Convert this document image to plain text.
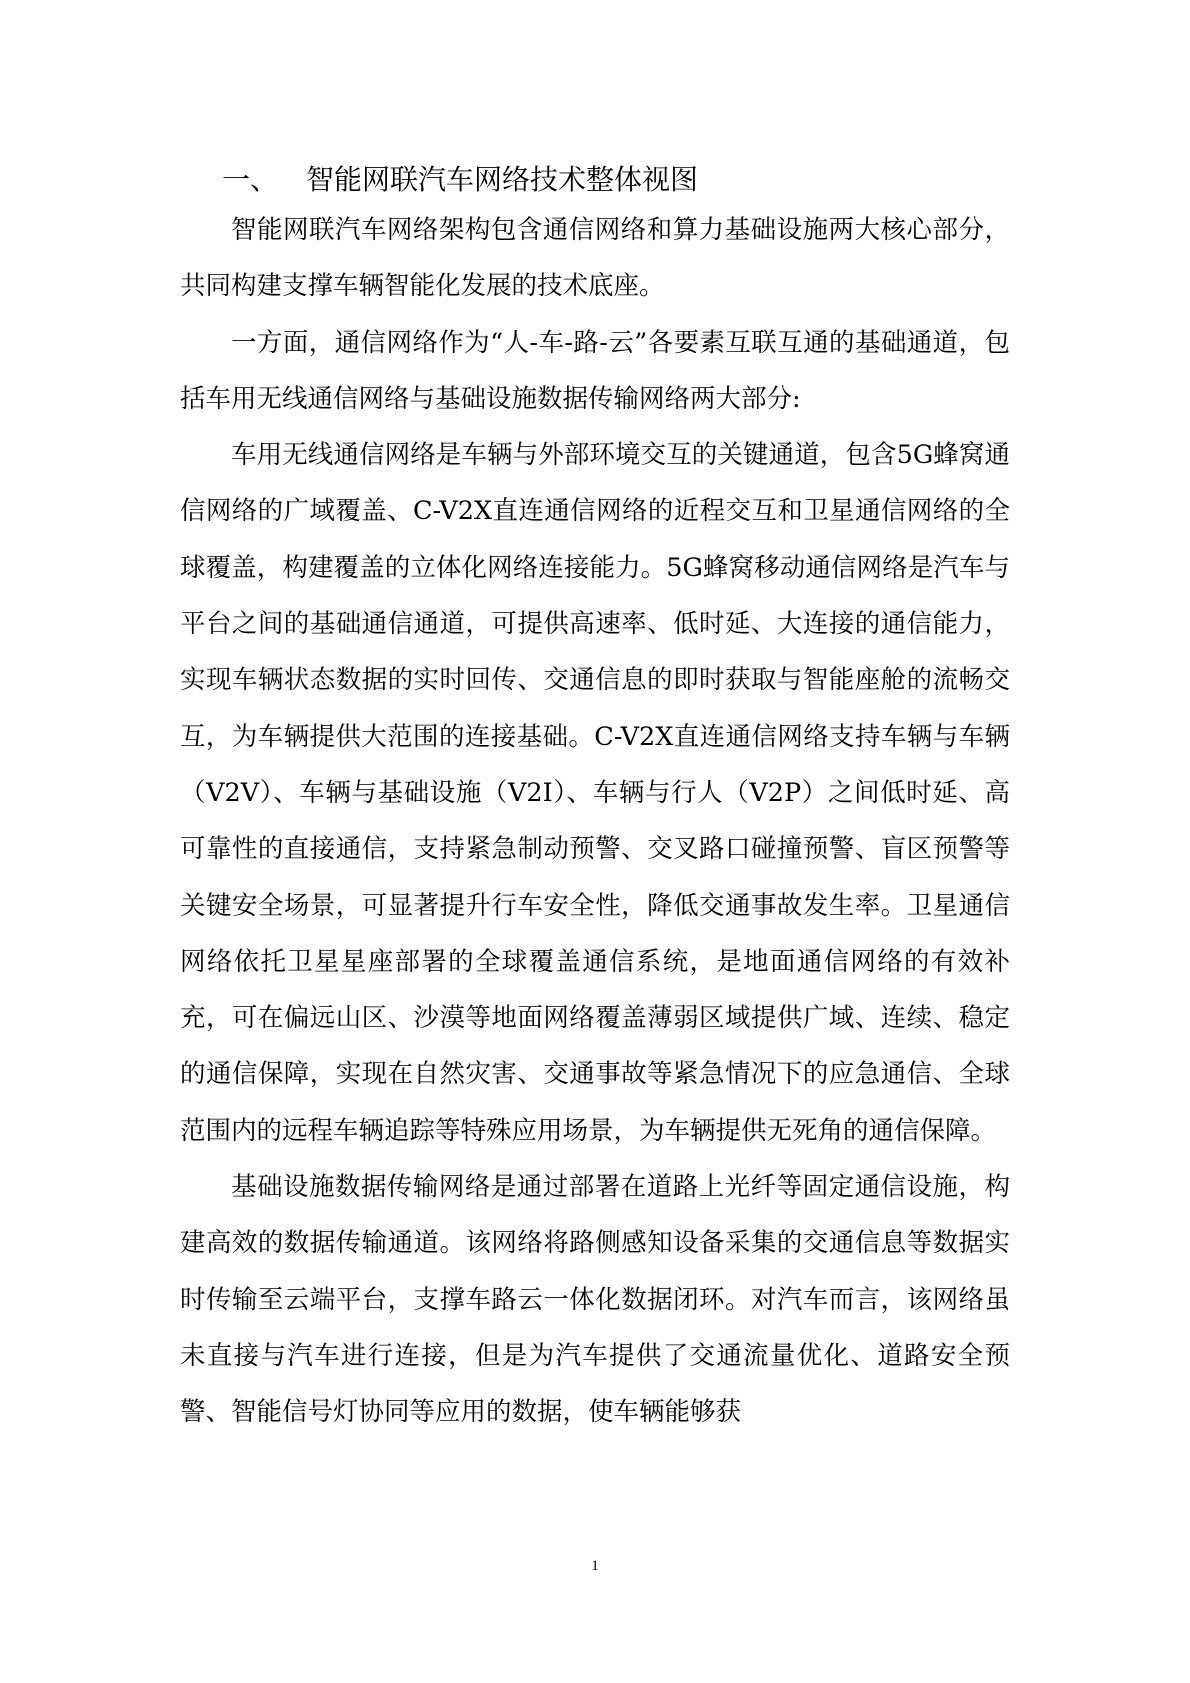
一、 智能网联汽车网络技术整体视图

智能网联汽车网络架构包含通信网络和算力基础设施两大核心部分，共同构建支撑车辆智能化发展的技术底座。

一方面，通信网络作为“人-车-路-云”各要素互联互通的基础通道，包括车用无线通信网络与基础设施数据传输网络两大部分:

车用无线通信网络是车辆与外部环境交互的关键通道，包含5G蜂窝通信网络的广域覆盖、C-V2X直连通信网络的近程交互和卫星通信网络的全球覆盖，构建覆盖的立体化网络连接能力。5G蜂窝移动通信网络是汽车与平台之间的基础通信通道，可提供高速率、低时延、大连接的通信能力，实现车辆状态数据的实时回传、交通信息的即时获取与智能座舱的流畅交互，为车辆提供大范围的连接基础。C-V2X直连通信网络支持车辆与车辆（V2V）、车辆与基础设施（V2I）、车辆与行人（V2P）之间低时延、高可靠性的直接通信，支持紧急制动预警、交叉路口碰撞预警、盲区预警等关键安全场景，可显著提升行车安全性，降低交通事故发生率。卫星通信网络依托卫星星座部署的全球覆盖通信系统，是地面通信网络的有效补充，可在偏远山区、沙漠等地面网络覆盖薄弱区域提供广域、连续、稳定的通信保障，实现在自然灾害、交通事故等紧急情况下的应急通信、全球范围内的远程车辆追踪等特殊应用场景，为车辆提供无死角的通信保障。

基础设施数据传输网络是通过部署在道路上光纤等固定通信设施，构建高效的数据传输通道。该网络将路侧感知设备采集的交通信息等数据实时传输至云端平台，支撑车路云一体化数据闭环。对汽车而言，该网络虽未直接与汽车进行连接，但是为汽车提供了交通流量优化、道路安全预警、智能信号灯协同等应用的数据，使车辆能够获

1
